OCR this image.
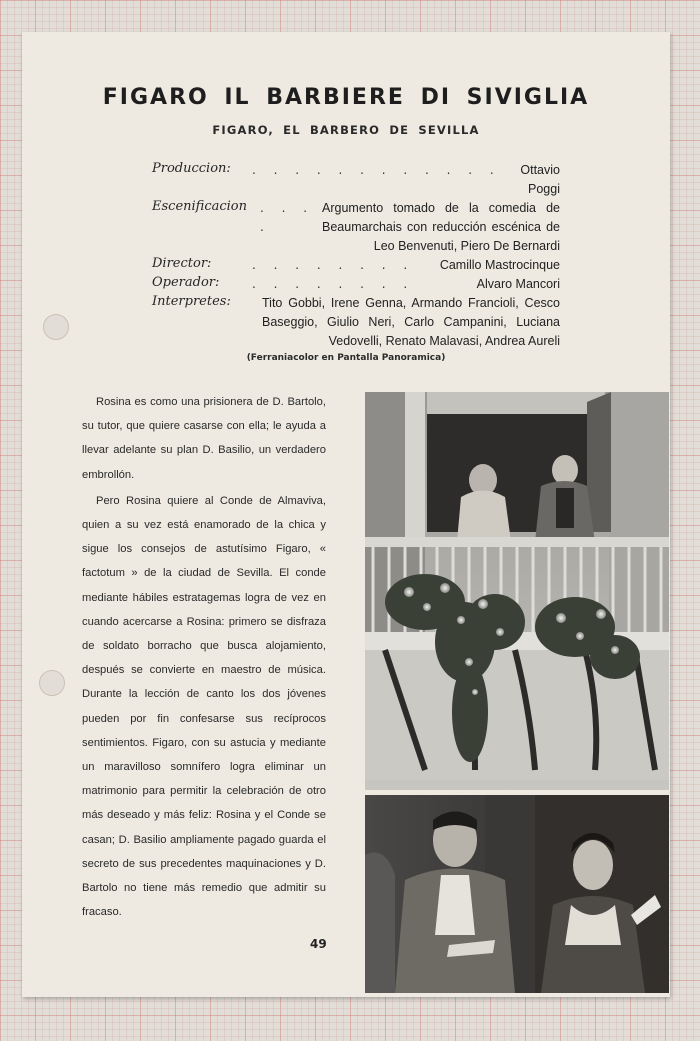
FIGARO IL BARBIERE DI SIVIGLIA
FIGARO, EL BARBERO DE SEVILLA
Produccion:	. . . . . . . . . . . .	Ottavio Poggi
Escenificacion	. . . .
Argumento tomado de la comedia de Beaumarchais con reducción escénica de Leo Benvenuti, Piero De Bernardi
Director:	. . . . . . . .	Camillo Mastrocinque
Operador:	. . . . . . . .	Alvaro Mancori
Interpretes:	Tito Gobbi, Irene Genna, Armando Francioli, Cesco Baseggio, Giulio Neri, Carlo Campanini, Luciana Vedovelli, Renato Malavasi, Andrea Aureli
(Ferraniacolor en Pantalla Panoramica)

Rosina es como una prisionera de D. Bartolo, su tutor, que quiere casarse con ella; le ayuda a llevar adelante su plan D. Basilio, un verdadero embrollón.

Pero Rosina quiere al Conde de Almaviva, quien a su vez está enamorado de la chica y sigue los consejos de astutísimo Figaro, « factotum » de la ciudad de Sevilla. El conde mediante hábiles estratagemas logra de vez en cuando acercarse a Rosina: primero se disfraza de soldato borracho que busca alojamiento, después se convierte en maestro de música. Durante la lección de canto los dos jóvenes pueden por fin confesarse sus recíprocos sentimientos. Figaro, con su astucia y mediante un maravilloso somnífero logra eliminar un matrimonio para permitir la celebración de otro más deseado y más feliz: Rosina y el Conde se casan; D. Basilio ampliamente pagado guarda el secreto de sus precedentes maquinaciones y D. Bartolo no tiene más remedio que admitir su fracaso.

49
